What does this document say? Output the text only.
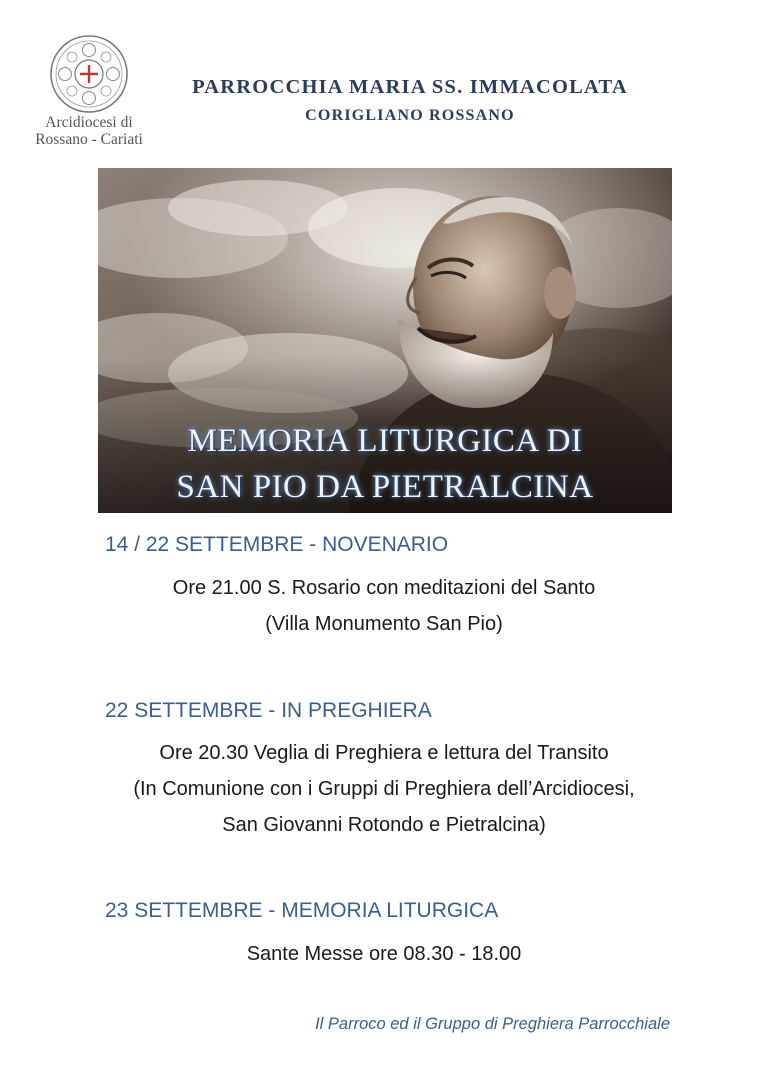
Arcidiocesi di
Rossano - Cariati
PARROCCHIA MARIA SS. IMMACOLATA
CORIGLIANO ROSSANO
MEMORIA LITURGICA DI
SAN PIO DA PIETRALCINA
14 / 22 SETTEMBRE - NOVENARIO
Ore 21.00 S. Rosario con meditazioni del Santo
(Villa Monumento San Pio)
22 SETTEMBRE - IN PREGHIERA
Ore 20.30 Veglia di Preghiera e lettura del Transito
(In Comunione con i Gruppi di Preghiera dell’Arcidiocesi,
San Giovanni Rotondo e Pietralcina)
23 SETTEMBRE - MEMORIA LITURGICA
Sante Messe ore 08.30 - 18.00
Il Parroco ed il Gruppo di Preghiera Parrocchiale
